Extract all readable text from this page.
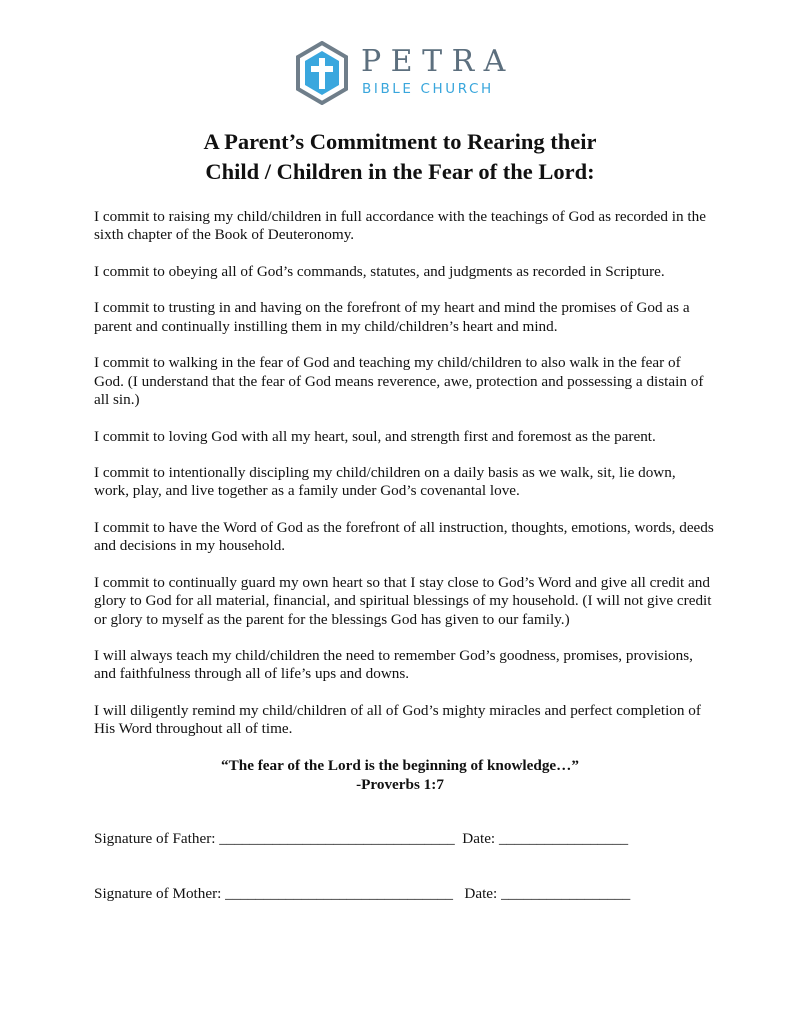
PETRA
BIBLE CHURCH
A Parent’s Commitment to Rearing their
Child / Children in the Fear of the Lord:

I commit to raising my child/children in full accordance with the teachings of God as recorded in the sixth chapter of the Book of Deuteronomy.

I commit to obeying all of God’s commands, statutes, and judgments as recorded in Scripture.

I commit to trusting in and having on the forefront of my heart and mind the promises of God as a parent and continually instilling them in my child/children’s heart and mind.

I commit to walking in the fear of God and teaching my child/children to also walk in the fear of God. (I understand that the fear of God means reverence, awe, protection and possessing a distain of all sin.)

I commit to loving God with all my heart, soul, and strength first and foremost as the parent.

I commit to intentionally discipling my child/children on a daily basis as we walk, sit, lie down, work, play, and live together as a family under God’s covenantal love.

I commit to have the Word of God as the forefront of all instruction, thoughts, emotions, words, deeds and decisions in my household.

I commit to continually guard my own heart so that I stay close to God’s Word and give all credit and glory to God for all material, financial, and spiritual blessings of my household. (I will not give credit or glory to myself as the parent for the blessings God has given to our family.)

I will always teach my child/children the need to remember God’s goodness, promises, provisions, and faithfulness through all of life’s ups and downs.

I will diligently remind my child/children of all of God’s mighty miracles and perfect completion of His Word throughout all of time.

“The fear of the Lord is the beginning of knowledge…”
-Proverbs 1:7
Signature of Father: _______________________________  Date: _________________
Signature of Mother: ______________________________   Date: _________________
